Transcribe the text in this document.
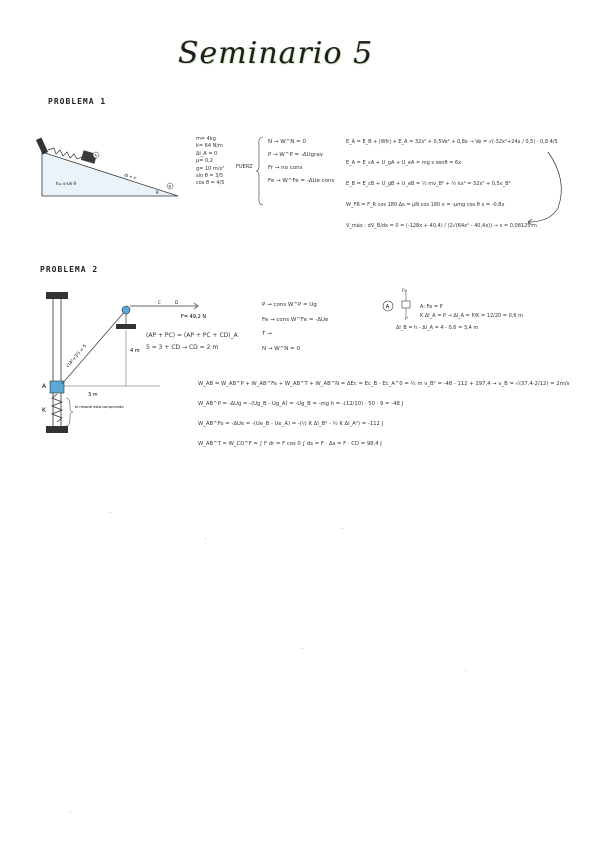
Seminario 5
PROBLEMA 1
A
B
Δl = x
h= s·sin θ
θ
m= 4kg
k= 64 N/m
Δl_A = 0
μ= 0,2
g= 10 m/s²
sin θ = 3/5
cos θ = 4/5
FUERZ
N → W^N = 0
P → W^P = -ΔUgrav
Fr → no cons
Fe → W^Fe = -ΔUe cons
E_A = E_B + |Wfr| + E_A = 32x² + 0,5Ve² + 0,8x → Ve = √(-32x²+24x / 0,5) · 0,8 4/5
E_A = E_cA + U_gA + U_eA = mg s senθ = 6x
E_B = E_cB + U_gB + U_eB = ½ mv_B² + ½ kx² = 32x² + 0,5v_B²
W_FR = F_R cos 180 Δs = μN cos 180 x = -μmg cos θ x = -0,8x
V_máx : dV_B/dx = 0 = (-128x + 40,4) / (2√(64x² - 40,4x)) → x = 0,08125 m
PROBLEMA 2
A
K
√(4²+3²) = 5
C	D
F= 49,2 N
4 m
3 m
el resorte está comprimido
(AP + PC) = (AP + PC + CD)_A
5 = 3 + CD → CD = 2 m
P → cons W^P = Ug
Fe → cons W^Fe = -ΔUe
T →
N → W^N = 0
A
Fe
P
A: Fe = P
K Δl_A = P → Δl_A = P/K = 12/20 = 0,6 m
Δl_B = h - Δl_A = 4 - 0,6 = 3,4 m
W_AB = W_AB^P + W_AB^Fe + W_AB^T + W_AB^N = ΔEc = Ec_B - Ec_A^0 = ½ m v_B² = -48 - 112 + 197,4 → v_B = √(37,4·2/12) = 2m/s
W_AB^P = -ΔUg = -(Ug_B - Ug_A) = -Ug_B = -mg h = -(12/10) · 50 · 9 = -48 J
W_AB^Fe = -ΔUe = -(Ue_B - Ue_A) = -(½ K Δl_B² - ½ K Δl_A²) = -112 J
W_AB^T = W_CD^F = ∫ F dr = F cos 0 ∫ ds = F · Δs = F · CD = 98,4 J
